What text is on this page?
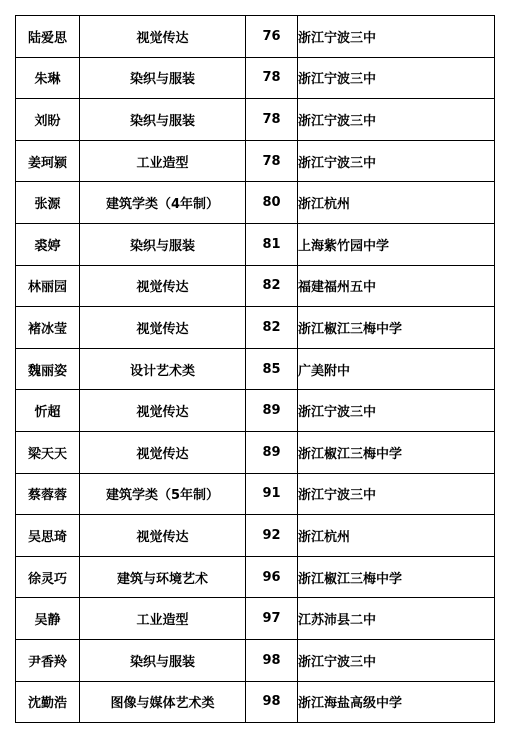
陆爱思	视觉传达	76	浙江宁波三中
朱琳	染织与服装	78	浙江宁波三中
刘盼	染织与服装	78	浙江宁波三中
姜珂颍	工业造型	78	浙江宁波三中
张源	建筑学类（4年制）	80	浙江杭州
裘婷	染织与服装	81	上海紫竹园中学
林丽园	视觉传达	82	福建福州五中
褚冰莹	视觉传达	82	浙江椒江三梅中学
魏丽姿	设计艺术类	85	广美附中
忻超	视觉传达	89	浙江宁波三中
梁天天	视觉传达	89	浙江椒江三梅中学
蔡蓉蓉	建筑学类（5年制）	91	浙江宁波三中
吴思琦	视觉传达	92	浙江杭州
徐灵巧	建筑与环境艺术	96	浙江椒江三梅中学
吴静	工业造型	97	江苏沛县二中
尹香羚	染织与服装	98	浙江宁波三中
沈勤浩	图像与媒体艺术类	98	浙江海盐高级中学
